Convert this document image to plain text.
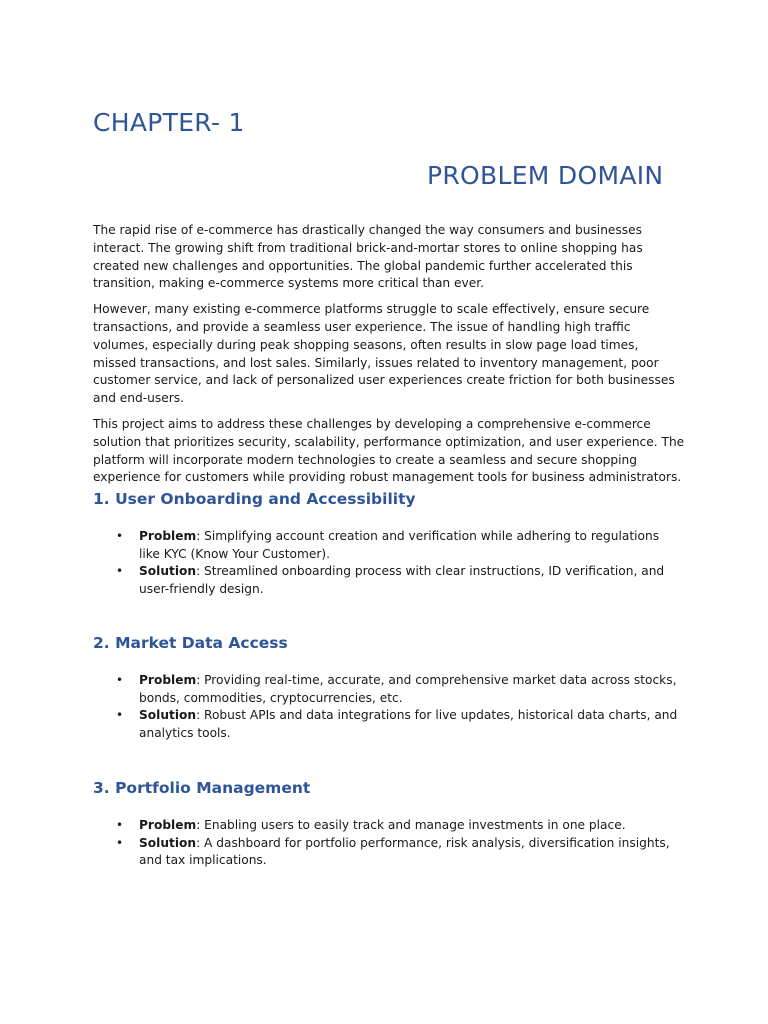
CHAPTER- 1
PROBLEM DOMAIN

The rapid rise of e-commerce has drastically changed the way consumers and businesses interact. The growing shift from traditional brick-and-mortar stores to online shopping has created new challenges and opportunities. The global pandemic further accelerated this transition, making e-commerce systems more critical than ever.

However, many existing e-commerce platforms struggle to scale effectively, ensure secure transactions, and provide a seamless user experience. The issue of handling high traffic volumes, especially during peak shopping seasons, often results in slow page load times, missed transactions, and lost sales. Similarly, issues related to inventory management, poor customer service, and lack of personalized user experiences create friction for both businesses and end-users.

This project aims to address these challenges by developing a comprehensive e-commerce solution that prioritizes security, scalability, performance optimization, and user experience. The platform will incorporate modern technologies to create a seamless and secure shopping experience for customers while providing robust management tools for business administrators.

1. User Onboarding and Accessibility
• Problem: Simplifying account creation and verification while adhering to regulations like KYC (Know Your Customer).
• Solution: Streamlined onboarding process with clear instructions, ID verification, and user-friendly design.
2. Market Data Access
• Problem: Providing real-time, accurate, and comprehensive market data across stocks, bonds, commodities, cryptocurrencies, etc.
• Solution: Robust APIs and data integrations for live updates, historical data charts, and analytics tools.
3. Portfolio Management
• Problem: Enabling users to easily track and manage investments in one place.
• Solution: A dashboard for portfolio performance, risk analysis, diversification insights, and tax implications.
